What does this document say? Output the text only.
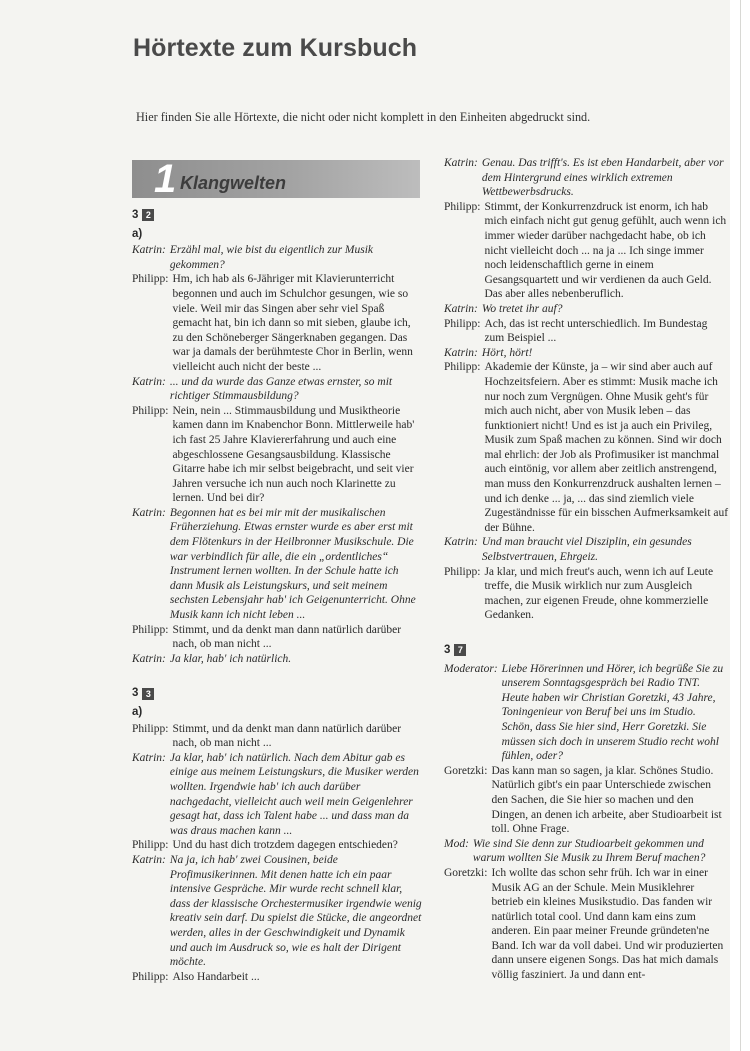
Hörtexte zum Kursbuch
Hier finden Sie alle Hörtexte, die nicht oder nicht komplett in den Einheiten abgedruckt sind.
1 Klangwelten
3 2
a)
Katrin: Erzähl mal, wie bist du eigentlich zur Musik gekommen?
Philipp: Hm, ich hab als 6-Jähriger mit Klavierunterricht begonnen und auch im Schulchor gesungen, wie so viele. Weil mir das Singen aber sehr viel Spaß gemacht hat, bin ich dann so mit sieben, glaube ich, zu den Schöneberger Sängerknaben gegangen. Das war ja damals der berühmteste Chor in Berlin, wenn vielleicht auch nicht der beste ...
Katrin: ... und da wurde das Ganze etwas ernster, so mit richtiger Stimmausbildung?
Philipp: Nein, nein ... Stimmausbildung und Musiktheorie kamen dann im Knabenchor Bonn. Mittlerweile hab' ich fast 25 Jahre Klaviererfahrung und auch eine abgeschlossene Gesangsausbildung. Klassische Gitarre habe ich mir selbst beigebracht, und seit vier Jahren versuche ich nun auch noch Klarinette zu lernen. Und bei dir?
Katrin: Begonnen hat es bei mir mit der musikalischen Früherziehung. Etwas ernster wurde es aber erst mit dem Flötenkurs in der Heilbronner Musikschule. Die war verbindlich für alle, die ein „ordentliches“ Instrument lernen wollten. In der Schule hatte ich dann Musik als Leistungskurs, und seit meinem sechsten Lebensjahr hab' ich Geigenunterricht. Ohne Musik kann ich nicht leben ...
Philipp: Stimmt, und da denkt man dann natürlich darüber nach, ob man nicht ...
Katrin: Ja klar, hab' ich natürlich.
3 3
a)
Philipp: Stimmt, und da denkt man dann natürlich darüber nach, ob man nicht ...
Katrin: Ja klar, hab' ich natürlich. Nach dem Abitur gab es einige aus meinem Leistungskurs, die Musiker werden wollten. Irgendwie hab' ich auch darüber nachgedacht, vielleicht auch weil mein Geigenlehrer gesagt hat, dass ich Talent habe ... und dass man da was draus machen kann ...
Philipp: Und du hast dich trotzdem dagegen entschieden?
Katrin: Na ja, ich hab' zwei Cousinen, beide Profimusikerinnen. Mit denen hatte ich ein paar intensive Gespräche. Mir wurde recht schnell klar, dass der klassische Orchestermusiker irgendwie wenig kreativ sein darf. Du spielst die Stücke, die angeordnet werden, alles in der Geschwindigkeit und Dynamik und auch im Ausdruck so, wie es halt der Dirigent möchte.
Philipp: Also Handarbeit ...
Katrin: Genau. Das trifft's. Es ist eben Handarbeit, aber vor dem Hintergrund eines wirklich extremen Wettbewerbsdrucks.
Philipp: Stimmt, der Konkurrenzdruck ist enorm, ich hab mich einfach nicht gut genug gefühlt, auch wenn ich immer wieder darüber nachgedacht habe, ob ich nicht vielleicht doch ... na ja ... Ich singe immer noch leidenschaftlich gerne in einem Gesangsquartett und wir verdienen da auch Geld. Das aber alles nebenberuflich.
Katrin: Wo tretet ihr auf?
Philipp: Ach, das ist recht unterschiedlich. Im Bundestag zum Beispiel ...
Katrin: Hört, hört!
Philipp: Akademie der Künste, ja – wir sind aber auch auf Hochzeitsfeiern. Aber es stimmt: Musik mache ich nur noch zum Vergnügen. Ohne Musik geht's für mich auch nicht, aber von Musik leben – das funktioniert nicht! Und es ist ja auch ein Privileg, Musik zum Spaß machen zu können. Sind wir doch mal ehrlich: der Job als Profimusiker ist manchmal auch eintönig, vor allem aber zeitlich anstrengend, man muss den Konkurrenzdruck aushalten lernen – und ich denke ... ja, ... das sind ziemlich viele Zugeständnisse für ein bisschen Aufmerksamkeit auf der Bühne.
Katrin: Und man braucht viel Disziplin, ein gesundes Selbstvertrauen, Ehrgeiz.
Philipp: Ja klar, und mich freut's auch, wenn ich auf Leute treffe, die Musik wirklich nur zum Ausgleich machen, zur eigenen Freude, ohne kommerzielle Gedanken.
3 7
Moderator: Liebe Hörerinnen und Hörer, ich begrüße Sie zu unserem Sonntagsgespräch bei Radio TNT. Heute haben wir Christian Goretzki, 43 Jahre, Toningenieur von Beruf bei uns im Studio. Schön, dass Sie hier sind, Herr Goretzki. Sie müssen sich doch in unserem Studio recht wohl fühlen, oder?
Goretzki: Das kann man so sagen, ja klar. Schönes Studio. Natürlich gibt's ein paar Unterschiede zwischen den Sachen, die Sie hier so machen und den Dingen, an denen ich arbeite, aber Studioarbeit ist toll. Ohne Frage.
Mod: Wie sind Sie denn zur Studioarbeit gekommen und warum wollten Sie Musik zu Ihrem Beruf machen?
Goretzki: Ich wollte das schon sehr früh. Ich war in einer Musik AG an der Schule. Mein Musiklehrer betrieb ein kleines Musikstudio. Das fanden wir natürlich total cool. Und dann kam eins zum anderen. Ein paar meiner Freunde gründeten'ne Band. Ich war da voll dabei. Und wir produzierten dann unsere eigenen Songs. Das hat mich damals völlig fasziniert. Ja und dann ent-
